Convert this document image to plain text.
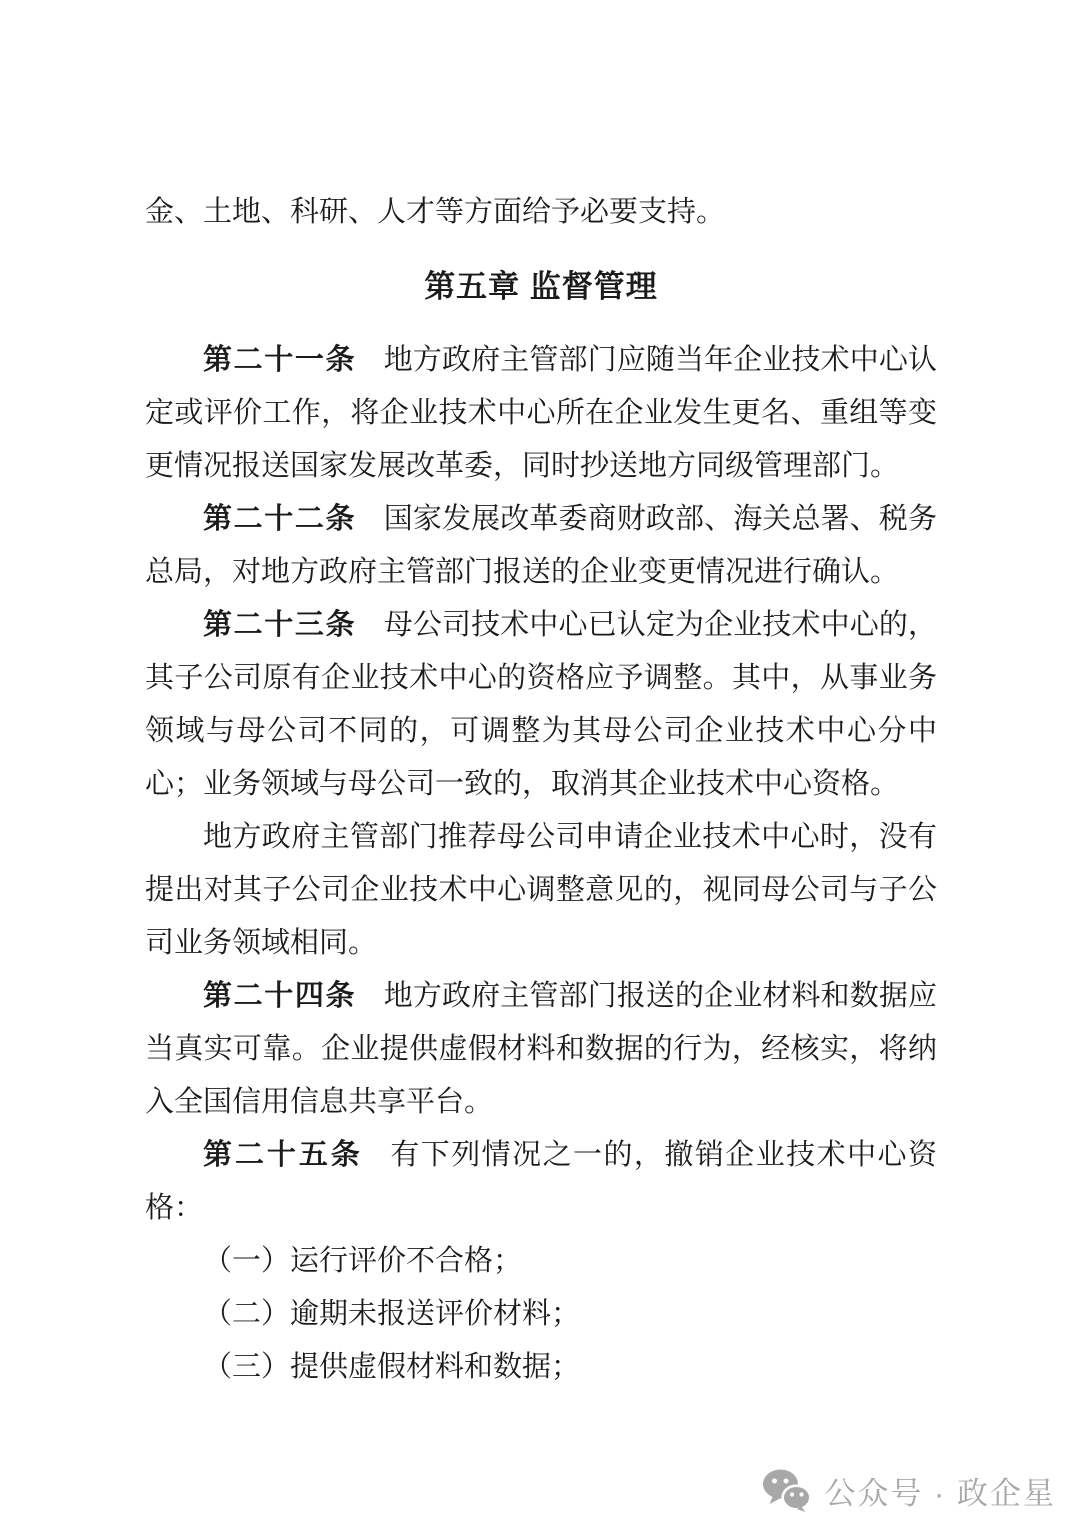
金、土地、科研、人才等方面给予必要支持。

第五章 监督管理

第二十一条 地方政府主管部门应随当年企业技术中心认定或评价工作，将企业技术中心所在企业发生更名、重组等变更情况报送国家发展改革委，同时抄送地方同级管理部门。

第二十二条 国家发展改革委商财政部、海关总署、税务总局，对地方政府主管部门报送的企业变更情况进行确认。

第二十三条 母公司技术中心已认定为企业技术中心的，其子公司原有企业技术中心的资格应予调整。其中，从事业务领域与母公司不同的，可调整为其母公司企业技术中心分中心；业务领域与母公司一致的，取消其企业技术中心资格。

地方政府主管部门推荐母公司申请企业技术中心时，没有提出对其子公司企业技术中心调整意见的，视同母公司与子公司业务领域相同。

第二十四条 地方政府主管部门报送的企业材料和数据应当真实可靠。企业提供虚假材料和数据的行为，经核实，将纳入全国信用信息共享平台。

第二十五条 有下列情况之一的，撤销企业技术中心资格：

（一）运行评价不合格；

（二）逾期未报送评价材料；

（三）提供虚假材料和数据；

公众号 · 政企星
